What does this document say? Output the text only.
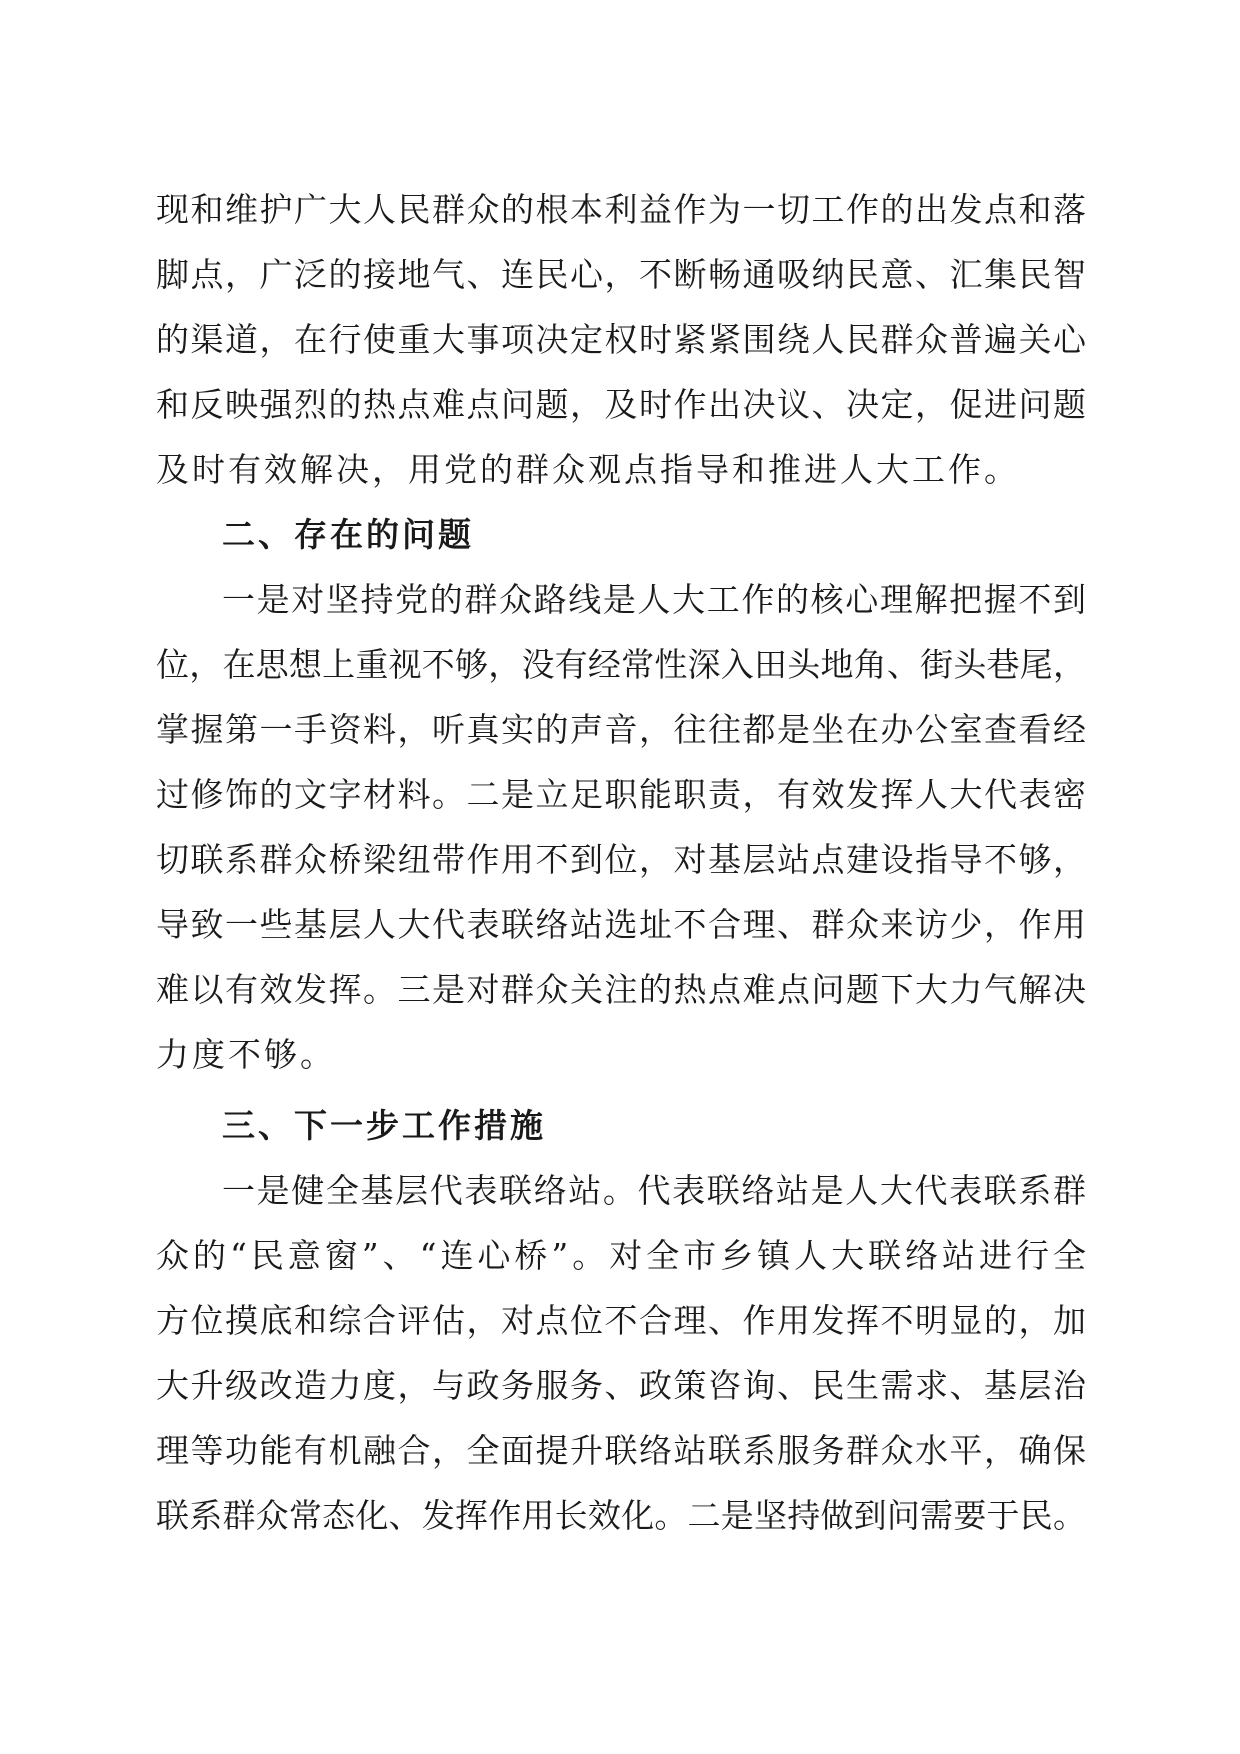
现和维护广大人民群众的根本利益作为一切工作的出发点和落
脚点，广泛的接地气、连民心，不断畅通吸纳民意、汇集民智
的渠道，在行使重大事项决定权时紧紧围绕人民群众普遍关心
和反映强烈的热点难点问题，及时作出决议、决定，促进问题
及时有效解决，用党的群众观点指导和推进人大工作。
二、存在的问题
一是对坚持党的群众路线是人大工作的核心理解把握不到
位，在思想上重视不够，没有经常性深入田头地角、街头巷尾，
掌握第一手资料，听真实的声音，往往都是坐在办公室查看经
过修饰的文字材料。二是立足职能职责，有效发挥人大代表密
切联系群众桥梁纽带作用不到位，对基层站点建设指导不够，
导致一些基层人大代表联络站选址不合理、群众来访少，作用
难以有效发挥。三是对群众关注的热点难点问题下大力气解决
力度不够。
三、下一步工作措施
一是健全基层代表联络站。代表联络站是人大代表联系群
众的“民意窗”、“连心桥”。对全市乡镇人大联络站进行全
方位摸底和综合评估，对点位不合理、作用发挥不明显的，加
大升级改造力度，与政务服务、政策咨询、民生需求、基层治
理等功能有机融合，全面提升联络站联系服务群众水平，确保
联系群众常态化、发挥作用长效化。二是坚持做到问需要于民。
